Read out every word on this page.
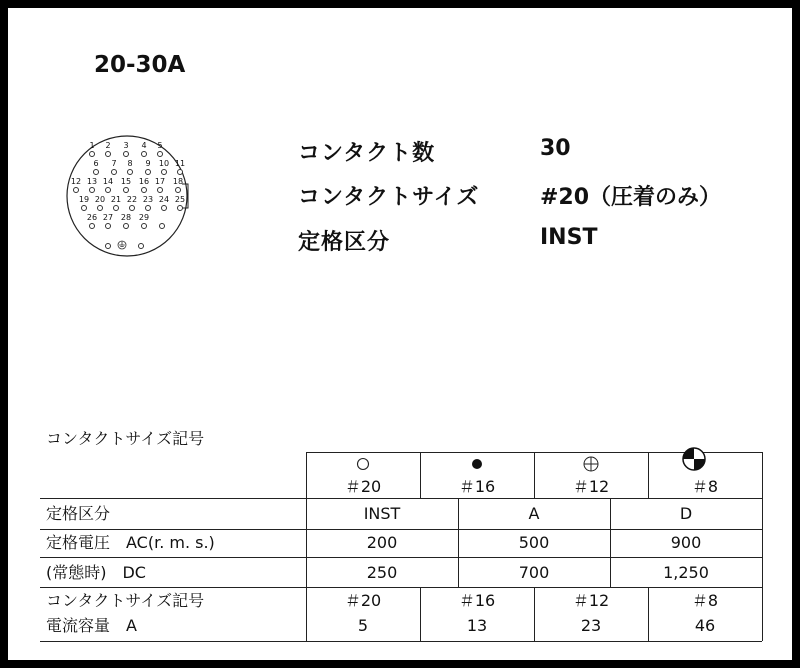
20-30A
1 2 3 4 5
6 7 8 9 10 11
12 13 14 15 16 17 18
19 20 21 22 23 24 25
26 27 28 29
コンタクト数	30
コンタクトサイズ	#20（圧着のみ）
定格区分	INST
コンタクトサイズ記号
＃20	＃16	＃12	＃8
定格区分	INST	A	D
定格電圧　AC(r. m. s.)	200	500	900
(常態時)　DC	250	700	1,250
コンタクトサイズ記号	＃20	＃16	＃12	＃8
電流容量　A	5	13	23	46
